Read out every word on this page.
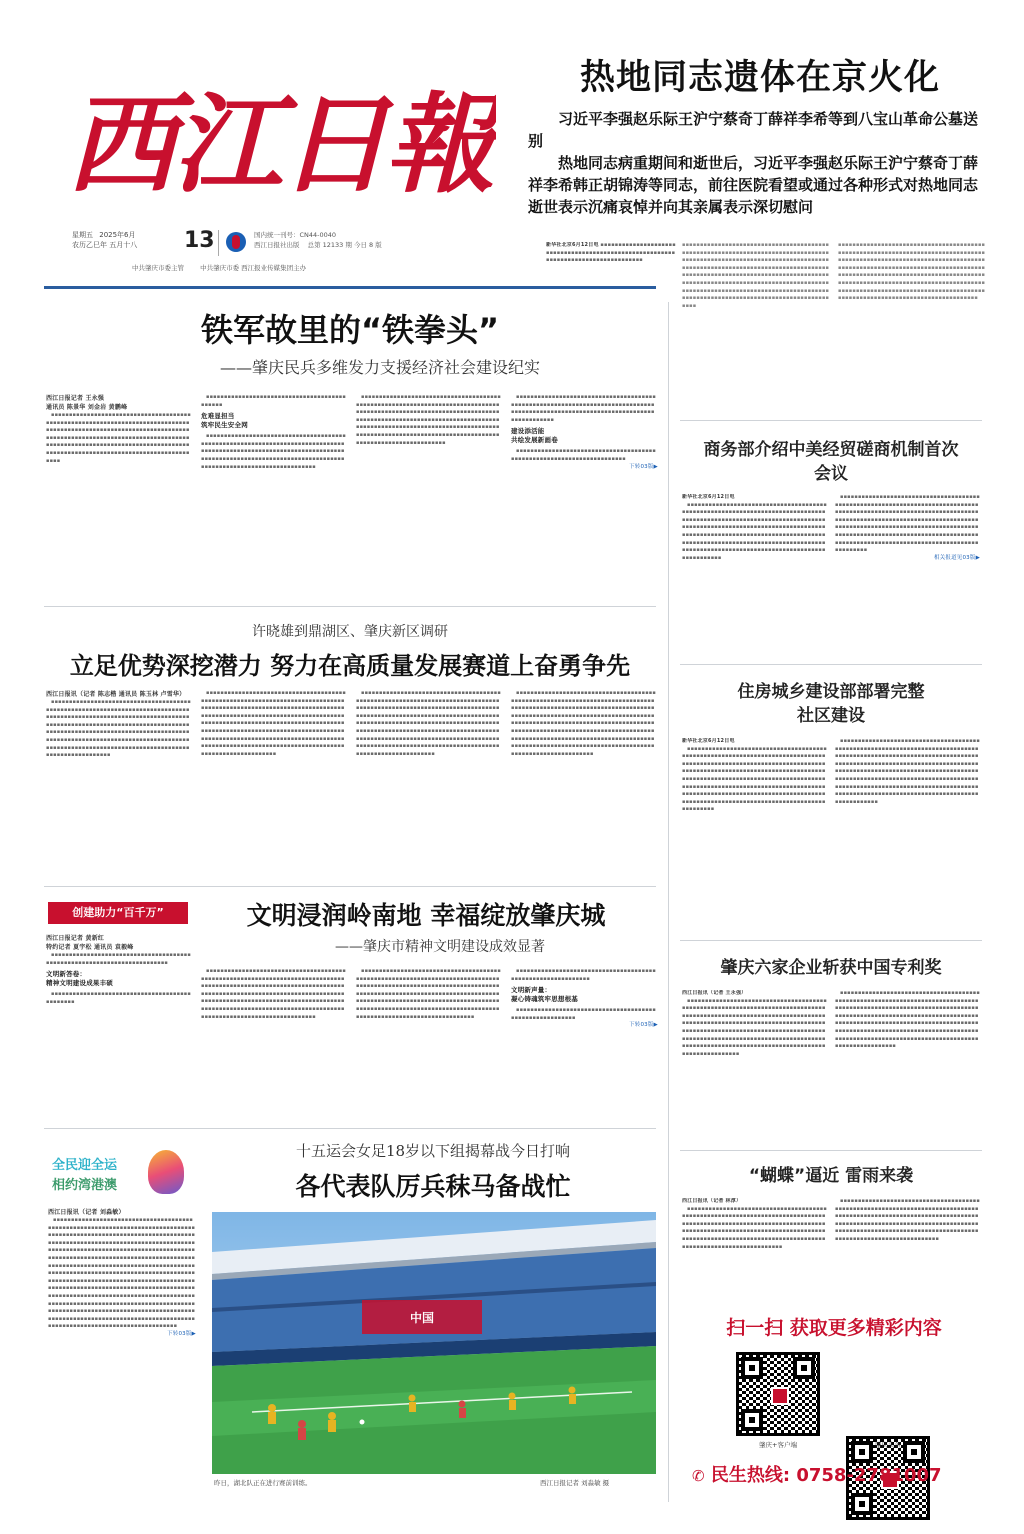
西江日報
星期五 2025年6月
农历乙巳年 五月十八 13	国内统一刊号：CN44-0040
西江日报社出版 总第 12133 期 今日 8 版
中共肇庆市委主管 中共肇庆市委 西江报业传媒集团主办
热地同志遗体在京火化
习近平李强赵乐际王沪宁蔡奇丁薛祥李希等到八宝山革命公墓送别
热地同志病重期间和逝世后，习近平李强赵乐际王沪宁蔡奇丁薛祥李希韩正胡锦涛等同志，前往医院看望或通过各种形式对热地同志逝世表示沉痛哀悼并向其亲属表示深切慰问
新华社北京6月12日电 ▪▪▪▪▪▪▪▪▪▪▪▪▪▪▪▪▪▪▪▪▪▪▪▪▪▪▪▪▪▪▪▪▪▪▪▪▪▪▪▪▪▪▪▪▪▪▪▪▪▪▪▪▪▪▪▪▪▪▪▪▪▪▪▪▪▪▪▪▪▪▪▪▪▪▪▪▪▪▪▪▪▪▪▪
▪▪▪▪▪▪▪▪▪▪▪▪▪▪▪▪▪▪▪▪▪▪▪▪▪▪▪▪▪▪▪▪▪▪▪▪▪▪▪▪▪▪▪▪▪▪▪▪▪▪▪▪▪▪▪▪▪▪▪▪▪▪▪▪▪▪▪▪▪▪▪▪▪▪▪▪▪▪▪▪▪▪▪▪▪▪▪▪▪▪▪▪▪▪▪▪▪▪▪▪▪▪▪▪▪▪▪▪▪▪▪▪▪▪▪▪▪▪▪▪▪▪▪▪▪▪▪▪▪▪▪▪▪▪▪▪▪▪▪▪▪▪▪▪▪▪▪▪▪▪▪▪▪▪▪▪▪▪▪▪▪▪▪▪▪▪▪▪▪▪▪▪▪▪▪▪▪▪▪▪▪▪▪▪▪▪▪▪▪▪▪▪▪▪▪▪▪▪▪▪▪▪▪▪▪▪▪▪▪▪▪▪▪▪▪▪▪▪▪▪▪▪▪▪▪▪▪▪▪▪▪▪▪▪▪▪▪▪▪▪▪▪▪▪▪▪▪▪▪▪▪▪▪▪▪▪▪▪▪▪▪▪▪▪▪▪▪▪▪▪▪▪▪▪▪▪▪▪▪▪▪▪▪▪▪▪▪▪▪▪▪▪▪▪▪▪▪▪▪▪▪▪▪▪▪▪▪▪▪▪▪▪▪▪▪▪▪▪▪▪▪▪▪▪▪▪▪▪▪▪▪▪
▪▪▪▪▪▪▪▪▪▪▪▪▪▪▪▪▪▪▪▪▪▪▪▪▪▪▪▪▪▪▪▪▪▪▪▪▪▪▪▪▪▪▪▪▪▪▪▪▪▪▪▪▪▪▪▪▪▪▪▪▪▪▪▪▪▪▪▪▪▪▪▪▪▪▪▪▪▪▪▪▪▪▪▪▪▪▪▪▪▪▪▪▪▪▪▪▪▪▪▪▪▪▪▪▪▪▪▪▪▪▪▪▪▪▪▪▪▪▪▪▪▪▪▪▪▪▪▪▪▪▪▪▪▪▪▪▪▪▪▪▪▪▪▪▪▪▪▪▪▪▪▪▪▪▪▪▪▪▪▪▪▪▪▪▪▪▪▪▪▪▪▪▪▪▪▪▪▪▪▪▪▪▪▪▪▪▪▪▪▪▪▪▪▪▪▪▪▪▪▪▪▪▪▪▪▪▪▪▪▪▪▪▪▪▪▪▪▪▪▪▪▪▪▪▪▪▪▪▪▪▪▪▪▪▪▪▪▪▪▪▪▪▪▪▪▪▪▪▪▪▪▪▪▪▪▪▪▪▪▪▪▪▪▪▪▪▪▪▪▪▪▪▪▪▪▪▪▪▪▪▪▪▪▪▪▪▪▪▪▪▪▪▪▪▪▪▪▪▪▪▪▪▪▪▪▪▪▪▪▪▪▪▪▪▪▪▪▪▪▪▪▪▪▪▪▪
铁军故里的“铁拳头”
——肇庆民兵多维发力支援经济社会建设纪实
西江日报记者 王永强
通讯员 陈景华 刘金岩 黄鹏峰

▪▪▪▪▪▪▪▪▪▪▪▪▪▪▪▪▪▪▪▪▪▪▪▪▪▪▪▪▪▪▪▪▪▪▪▪▪▪▪▪▪▪▪▪▪▪▪▪▪▪▪▪▪▪▪▪▪▪▪▪▪▪▪▪▪▪▪▪▪▪▪▪▪▪▪▪▪▪▪▪▪▪▪▪▪▪▪▪▪▪▪▪▪▪▪▪▪▪▪▪▪▪▪▪▪▪▪▪▪▪▪▪▪▪▪▪▪▪▪▪▪▪▪▪▪▪▪▪▪▪▪▪▪▪▪▪▪▪▪▪▪▪▪▪▪▪▪▪▪▪▪▪▪▪▪▪▪▪▪▪▪▪▪▪▪▪▪▪▪▪▪▪▪▪▪▪▪▪▪▪▪▪▪▪▪▪▪▪▪▪▪▪▪▪▪▪▪▪▪▪▪▪▪▪▪▪▪▪▪▪▪▪▪▪▪▪▪▪▪▪▪▪▪▪▪▪▪▪▪▪▪▪▪▪▪▪▪▪▪▪▪▪▪

▪▪▪▪▪▪▪▪▪▪▪▪▪▪▪▪▪▪▪▪▪▪▪▪▪▪▪▪▪▪▪▪▪▪▪▪▪▪▪▪▪▪▪▪▪

危难显担当
筑牢民生安全网

▪▪▪▪▪▪▪▪▪▪▪▪▪▪▪▪▪▪▪▪▪▪▪▪▪▪▪▪▪▪▪▪▪▪▪▪▪▪▪▪▪▪▪▪▪▪▪▪▪▪▪▪▪▪▪▪▪▪▪▪▪▪▪▪▪▪▪▪▪▪▪▪▪▪▪▪▪▪▪▪▪▪▪▪▪▪▪▪▪▪▪▪▪▪▪▪▪▪▪▪▪▪▪▪▪▪▪▪▪▪▪▪▪▪▪▪▪▪▪▪▪▪▪▪▪▪▪▪▪▪▪▪▪▪▪▪▪▪▪▪▪▪▪▪▪▪▪▪▪▪▪▪▪▪▪▪▪▪▪▪▪▪▪▪▪▪▪▪▪▪▪▪▪▪▪▪▪▪▪▪▪▪▪▪▪▪▪▪▪▪▪

▪▪▪▪▪▪▪▪▪▪▪▪▪▪▪▪▪▪▪▪▪▪▪▪▪▪▪▪▪▪▪▪▪▪▪▪▪▪▪▪▪▪▪▪▪▪▪▪▪▪▪▪▪▪▪▪▪▪▪▪▪▪▪▪▪▪▪▪▪▪▪▪▪▪▪▪▪▪▪▪▪▪▪▪▪▪▪▪▪▪▪▪▪▪▪▪▪▪▪▪▪▪▪▪▪▪▪▪▪▪▪▪▪▪▪▪▪▪▪▪▪▪▪▪▪▪▪▪▪▪▪▪▪▪▪▪▪▪▪▪▪▪▪▪▪▪▪▪▪▪▪▪▪▪▪▪▪▪▪▪▪▪▪▪▪▪▪▪▪▪▪▪▪▪▪▪▪▪▪▪▪▪▪▪▪▪▪▪▪▪▪▪▪▪▪▪▪▪▪▪▪▪▪▪▪▪▪▪▪▪▪▪▪▪▪▪▪▪▪▪▪▪▪▪▪▪▪▪▪▪▪▪▪▪▪▪▪▪▪▪▪▪▪▪▪▪▪▪▪▪▪▪▪▪▪▪▪▪▪▪▪▪▪▪

▪▪▪▪▪▪▪▪▪▪▪▪▪▪▪▪▪▪▪▪▪▪▪▪▪▪▪▪▪▪▪▪▪▪▪▪▪▪▪▪▪▪▪▪▪▪▪▪▪▪▪▪▪▪▪▪▪▪▪▪▪▪▪▪▪▪▪▪▪▪▪▪▪▪▪▪▪▪▪▪▪▪▪▪▪▪▪▪▪▪▪▪▪▪▪▪▪▪▪▪▪▪▪▪▪▪▪▪▪▪▪▪▪▪▪▪▪▪▪▪▪▪▪▪▪▪▪▪▪▪▪

建设添活能
共绘发展新画卷

▪▪▪▪▪▪▪▪▪▪▪▪▪▪▪▪▪▪▪▪▪▪▪▪▪▪▪▪▪▪▪▪▪▪▪▪▪▪▪▪▪▪▪▪▪▪▪▪▪▪▪▪▪▪▪▪▪▪▪▪▪▪▪▪▪▪▪▪▪▪▪

下转03版▶
许晓雄到鼎湖区、肇庆新区调研
立足优势深挖潜力 努力在高质量发展赛道上奋勇争先
西江日报讯（记者 陈志楷 通讯员 陈玉林 卢雪华）

▪▪▪▪▪▪▪▪▪▪▪▪▪▪▪▪▪▪▪▪▪▪▪▪▪▪▪▪▪▪▪▪▪▪▪▪▪▪▪▪▪▪▪▪▪▪▪▪▪▪▪▪▪▪▪▪▪▪▪▪▪▪▪▪▪▪▪▪▪▪▪▪▪▪▪▪▪▪▪▪▪▪▪▪▪▪▪▪▪▪▪▪▪▪▪▪▪▪▪▪▪▪▪▪▪▪▪▪▪▪▪▪▪▪▪▪▪▪▪▪▪▪▪▪▪▪▪▪▪▪▪▪▪▪▪▪▪▪▪▪▪▪▪▪▪▪▪▪▪▪▪▪▪▪▪▪▪▪▪▪▪▪▪▪▪▪▪▪▪▪▪▪▪▪▪▪▪▪▪▪▪▪▪▪▪▪▪▪▪▪▪▪▪▪▪▪▪▪▪▪▪▪▪▪▪▪▪▪▪▪▪▪▪▪▪▪▪▪▪▪▪▪▪▪▪▪▪▪▪▪▪▪▪▪▪▪▪▪▪▪▪▪▪▪▪▪▪▪▪▪▪▪▪▪▪▪▪▪▪▪▪▪▪▪▪▪▪▪▪▪▪▪▪▪▪▪▪▪▪▪▪▪▪▪▪▪▪▪▪▪▪▪▪▪▪▪▪

▪▪▪▪▪▪▪▪▪▪▪▪▪▪▪▪▪▪▪▪▪▪▪▪▪▪▪▪▪▪▪▪▪▪▪▪▪▪▪▪▪▪▪▪▪▪▪▪▪▪▪▪▪▪▪▪▪▪▪▪▪▪▪▪▪▪▪▪▪▪▪▪▪▪▪▪▪▪▪▪▪▪▪▪▪▪▪▪▪▪▪▪▪▪▪▪▪▪▪▪▪▪▪▪▪▪▪▪▪▪▪▪▪▪▪▪▪▪▪▪▪▪▪▪▪▪▪▪▪▪▪▪▪▪▪▪▪▪▪▪▪▪▪▪▪▪▪▪▪▪▪▪▪▪▪▪▪▪▪▪▪▪▪▪▪▪▪▪▪▪▪▪▪▪▪▪▪▪▪▪▪▪▪▪▪▪▪▪▪▪▪▪▪▪▪▪▪▪▪▪▪▪▪▪▪▪▪▪▪▪▪▪▪▪▪▪▪▪▪▪▪▪▪▪▪▪▪▪▪▪▪▪▪▪▪▪▪▪▪▪▪▪▪▪▪▪▪▪▪▪▪▪▪▪▪▪▪▪▪▪▪▪▪▪▪▪▪▪▪▪▪▪▪▪▪▪▪▪▪▪▪▪▪▪▪▪▪▪▪▪▪▪▪▪▪▪▪▪▪▪▪▪▪▪▪▪▪▪▪▪▪▪▪▪▪▪▪▪▪▪▪▪▪▪▪▪▪▪▪▪▪▪▪▪▪▪▪▪▪▪

▪▪▪▪▪▪▪▪▪▪▪▪▪▪▪▪▪▪▪▪▪▪▪▪▪▪▪▪▪▪▪▪▪▪▪▪▪▪▪▪▪▪▪▪▪▪▪▪▪▪▪▪▪▪▪▪▪▪▪▪▪▪▪▪▪▪▪▪▪▪▪▪▪▪▪▪▪▪▪▪▪▪▪▪▪▪▪▪▪▪▪▪▪▪▪▪▪▪▪▪▪▪▪▪▪▪▪▪▪▪▪▪▪▪▪▪▪▪▪▪▪▪▪▪▪▪▪▪▪▪▪▪▪▪▪▪▪▪▪▪▪▪▪▪▪▪▪▪▪▪▪▪▪▪▪▪▪▪▪▪▪▪▪▪▪▪▪▪▪▪▪▪▪▪▪▪▪▪▪▪▪▪▪▪▪▪▪▪▪▪▪▪▪▪▪▪▪▪▪▪▪▪▪▪▪▪▪▪▪▪▪▪▪▪▪▪▪▪▪▪▪▪▪▪▪▪▪▪▪▪▪▪▪▪▪▪▪▪▪▪▪▪▪▪▪▪▪▪▪▪▪▪▪▪▪▪▪▪▪▪▪▪▪▪▪▪▪▪▪▪▪▪▪▪▪▪▪▪▪▪▪▪▪▪▪▪▪▪▪▪▪▪▪▪▪▪▪▪▪▪▪▪▪▪▪▪▪▪▪▪▪▪▪▪▪▪▪▪▪▪▪▪▪▪▪▪▪▪▪▪▪▪▪▪▪▪▪▪▪▪▪

▪▪▪▪▪▪▪▪▪▪▪▪▪▪▪▪▪▪▪▪▪▪▪▪▪▪▪▪▪▪▪▪▪▪▪▪▪▪▪▪▪▪▪▪▪▪▪▪▪▪▪▪▪▪▪▪▪▪▪▪▪▪▪▪▪▪▪▪▪▪▪▪▪▪▪▪▪▪▪▪▪▪▪▪▪▪▪▪▪▪▪▪▪▪▪▪▪▪▪▪▪▪▪▪▪▪▪▪▪▪▪▪▪▪▪▪▪▪▪▪▪▪▪▪▪▪▪▪▪▪▪▪▪▪▪▪▪▪▪▪▪▪▪▪▪▪▪▪▪▪▪▪▪▪▪▪▪▪▪▪▪▪▪▪▪▪▪▪▪▪▪▪▪▪▪▪▪▪▪▪▪▪▪▪▪▪▪▪▪▪▪▪▪▪▪▪▪▪▪▪▪▪▪▪▪▪▪▪▪▪▪▪▪▪▪▪▪▪▪▪▪▪▪▪▪▪▪▪▪▪▪▪▪▪▪▪▪▪▪▪▪▪▪▪▪▪▪▪▪▪▪▪▪▪▪▪▪▪▪▪▪▪▪▪▪▪▪▪▪▪▪▪▪▪▪▪▪▪▪▪▪▪▪▪▪▪▪▪▪▪▪▪▪▪▪▪▪▪▪▪▪▪▪▪▪▪▪▪▪▪▪▪▪▪▪▪▪▪▪▪▪▪▪▪▪▪▪▪▪▪▪▪▪▪▪▪▪▪▪▪▪▪

创建助力“百千万”	文明浸润岭南地 幸福绽放肇庆城
——肇庆市精神文明建设成效显著
西江日报记者 黄新红
特约记者 夏宇松 通讯员 袁毅峰

▪▪▪▪▪▪▪▪▪▪▪▪▪▪▪▪▪▪▪▪▪▪▪▪▪▪▪▪▪▪▪▪▪▪▪▪▪▪▪▪▪▪▪▪▪▪▪▪▪▪▪▪▪▪▪▪▪▪▪▪▪▪▪▪▪▪▪▪▪▪▪▪▪

文明新答卷：
精神文明建设成果丰硕

▪▪▪▪▪▪▪▪▪▪▪▪▪▪▪▪▪▪▪▪▪▪▪▪▪▪▪▪▪▪▪▪▪▪▪▪▪▪▪▪▪▪▪▪▪▪▪

▪▪▪▪▪▪▪▪▪▪▪▪▪▪▪▪▪▪▪▪▪▪▪▪▪▪▪▪▪▪▪▪▪▪▪▪▪▪▪▪▪▪▪▪▪▪▪▪▪▪▪▪▪▪▪▪▪▪▪▪▪▪▪▪▪▪▪▪▪▪▪▪▪▪▪▪▪▪▪▪▪▪▪▪▪▪▪▪▪▪▪▪▪▪▪▪▪▪▪▪▪▪▪▪▪▪▪▪▪▪▪▪▪▪▪▪▪▪▪▪▪▪▪▪▪▪▪▪▪▪▪▪▪▪▪▪▪▪▪▪▪▪▪▪▪▪▪▪▪▪▪▪▪▪▪▪▪▪▪▪▪▪▪▪▪▪▪▪▪▪▪▪▪▪▪▪▪▪▪▪▪▪▪▪▪▪▪▪▪▪▪▪▪▪▪▪▪▪▪▪▪▪▪▪▪▪▪▪▪▪▪▪▪▪▪▪▪▪▪▪▪▪▪▪▪▪▪▪▪▪▪▪▪▪▪▪▪▪▪▪▪▪▪▪▪▪▪▪▪▪▪▪▪▪▪▪▪▪▪▪▪▪▪▪▪▪▪▪▪▪▪

▪▪▪▪▪▪▪▪▪▪▪▪▪▪▪▪▪▪▪▪▪▪▪▪▪▪▪▪▪▪▪▪▪▪▪▪▪▪▪▪▪▪▪▪▪▪▪▪▪▪▪▪▪▪▪▪▪▪▪▪▪▪▪▪▪▪▪▪▪▪▪▪▪▪▪▪▪▪▪▪▪▪▪▪▪▪▪▪▪▪▪▪▪▪▪▪▪▪▪▪▪▪▪▪▪▪▪▪▪▪▪▪▪▪▪▪▪▪▪▪▪▪▪▪▪▪▪▪▪▪▪▪▪▪▪▪▪▪▪▪▪▪▪▪▪▪▪▪▪▪▪▪▪▪▪▪▪▪▪▪▪▪▪▪▪▪▪▪▪▪▪▪▪▪▪▪▪▪▪▪▪▪▪▪▪▪▪▪▪▪▪▪▪▪▪▪▪▪▪▪▪▪▪▪▪▪▪▪▪▪▪▪▪▪▪▪▪▪▪▪▪▪▪▪▪▪▪▪▪▪▪▪▪▪▪▪▪▪▪▪▪▪▪▪▪▪▪▪▪▪▪▪▪▪▪▪▪▪▪▪▪▪▪▪▪▪▪▪▪▪▪▪

▪▪▪▪▪▪▪▪▪▪▪▪▪▪▪▪▪▪▪▪▪▪▪▪▪▪▪▪▪▪▪▪▪▪▪▪▪▪▪▪▪▪▪▪▪▪▪▪▪▪▪▪▪▪▪▪▪▪▪▪▪

文明新声量：
凝心铸魂筑牢思想根基

▪▪▪▪▪▪▪▪▪▪▪▪▪▪▪▪▪▪▪▪▪▪▪▪▪▪▪▪▪▪▪▪▪▪▪▪▪▪▪▪▪▪▪▪▪▪▪▪▪▪▪▪▪▪▪▪▪

下转03版▶
全民迎全运
相约湾港澳
十五运会女足18岁以下组揭幕战今日打响
各代表队厉兵秣马备战忙
西江日报讯（记者 刘淼敏）

▪▪▪▪▪▪▪▪▪▪▪▪▪▪▪▪▪▪▪▪▪▪▪▪▪▪▪▪▪▪▪▪▪▪▪▪▪▪▪▪▪▪▪▪▪▪▪▪▪▪▪▪▪▪▪▪▪▪▪▪▪▪▪▪▪▪▪▪▪▪▪▪▪▪▪▪▪▪▪▪▪▪▪▪▪▪▪▪▪▪▪▪▪▪▪▪▪▪▪▪▪▪▪▪▪▪▪▪▪▪▪▪▪▪▪▪▪▪▪▪▪▪▪▪▪▪▪▪▪▪▪▪▪▪▪▪▪▪▪▪▪▪▪▪▪▪▪▪▪▪▪▪▪▪▪▪▪▪▪▪▪▪▪▪▪▪▪▪▪▪▪▪▪▪▪▪▪▪▪▪▪▪▪▪▪▪▪▪▪▪▪▪▪▪▪▪▪▪▪▪▪▪▪▪▪▪▪▪▪▪▪▪▪▪▪▪▪▪▪▪▪▪▪▪▪▪▪▪▪▪▪▪▪▪▪▪▪▪▪▪▪▪▪▪▪▪▪▪▪▪▪▪▪▪▪▪▪▪▪▪▪▪▪▪▪▪▪▪▪▪▪▪▪▪▪▪▪▪▪▪▪▪▪▪▪▪▪▪▪▪▪▪▪▪▪▪▪▪▪▪▪▪▪▪▪▪▪▪▪▪▪▪▪▪▪▪▪▪▪▪▪▪▪▪▪▪▪▪▪▪▪▪▪▪▪▪▪▪▪▪▪▪▪▪▪▪▪▪▪▪▪▪▪▪▪▪▪▪▪▪▪▪▪▪▪▪▪▪▪▪▪▪▪▪▪▪▪▪▪▪▪▪▪▪▪▪▪▪▪▪▪▪▪▪▪▪▪▪▪▪▪▪▪▪▪▪▪▪▪▪▪▪▪▪▪▪▪▪▪▪▪▪▪▪▪▪▪▪▪▪▪▪▪▪▪▪▪▪▪▪▪▪▪▪▪▪▪▪▪▪▪▪▪▪▪▪▪▪▪▪▪▪▪▪▪▪▪▪▪▪▪▪▪▪▪▪▪▪▪▪▪▪▪▪▪▪▪▪▪▪▪▪▪▪▪▪▪▪▪▪▪▪▪▪▪▪▪▪▪▪▪▪▪▪▪▪▪▪▪▪▪▪▪▪▪▪▪▪▪▪▪▪▪▪▪▪▪▪▪▪▪▪▪▪▪▪▪▪▪▪▪▪▪▪▪▪▪▪▪▪▪▪▪▪▪▪▪▪▪▪▪▪▪▪▪▪▪▪▪▪▪▪▪▪▪▪▪▪▪▪▪▪▪▪▪▪▪▪▪▪▪▪▪▪▪▪▪▪

下转03版▶
中国
昨日，湖北队正在进行赛前训练。	西江日报记者 刘淼敏 摄
商务部介绍中美经贸磋商机制首次会议
新华社北京6月12日电

▪▪▪▪▪▪▪▪▪▪▪▪▪▪▪▪▪▪▪▪▪▪▪▪▪▪▪▪▪▪▪▪▪▪▪▪▪▪▪▪▪▪▪▪▪▪▪▪▪▪▪▪▪▪▪▪▪▪▪▪▪▪▪▪▪▪▪▪▪▪▪▪▪▪▪▪▪▪▪▪▪▪▪▪▪▪▪▪▪▪▪▪▪▪▪▪▪▪▪▪▪▪▪▪▪▪▪▪▪▪▪▪▪▪▪▪▪▪▪▪▪▪▪▪▪▪▪▪▪▪▪▪▪▪▪▪▪▪▪▪▪▪▪▪▪▪▪▪▪▪▪▪▪▪▪▪▪▪▪▪▪▪▪▪▪▪▪▪▪▪▪▪▪▪▪▪▪▪▪▪▪▪▪▪▪▪▪▪▪▪▪▪▪▪▪▪▪▪▪▪▪▪▪▪▪▪▪▪▪▪▪▪▪▪▪▪▪▪▪▪▪▪▪▪▪▪▪▪▪▪▪▪▪▪▪▪▪▪▪▪▪▪▪▪▪▪▪▪▪▪▪▪▪▪▪▪▪▪▪▪▪▪▪▪▪▪▪▪▪▪▪▪▪▪▪▪▪▪▪▪▪▪▪▪▪▪▪▪▪▪

▪▪▪▪▪▪▪▪▪▪▪▪▪▪▪▪▪▪▪▪▪▪▪▪▪▪▪▪▪▪▪▪▪▪▪▪▪▪▪▪▪▪▪▪▪▪▪▪▪▪▪▪▪▪▪▪▪▪▪▪▪▪▪▪▪▪▪▪▪▪▪▪▪▪▪▪▪▪▪▪▪▪▪▪▪▪▪▪▪▪▪▪▪▪▪▪▪▪▪▪▪▪▪▪▪▪▪▪▪▪▪▪▪▪▪▪▪▪▪▪▪▪▪▪▪▪▪▪▪▪▪▪▪▪▪▪▪▪▪▪▪▪▪▪▪▪▪▪▪▪▪▪▪▪▪▪▪▪▪▪▪▪▪▪▪▪▪▪▪▪▪▪▪▪▪▪▪▪▪▪▪▪▪▪▪▪▪▪▪▪▪▪▪▪▪▪▪▪▪▪▪▪▪▪▪▪▪▪▪▪▪▪▪▪▪▪▪▪▪▪▪▪▪▪▪▪▪▪▪▪▪▪▪▪▪▪▪▪▪▪▪▪▪▪▪▪▪▪▪▪▪▪▪▪▪▪▪▪▪▪▪▪▪▪▪▪▪▪▪▪▪▪▪▪▪▪▪▪▪▪▪▪▪▪▪▪▪▪

相关报道见03版▶
住房城乡建设部部署完整社区建设
新华社北京6月12日电

▪▪▪▪▪▪▪▪▪▪▪▪▪▪▪▪▪▪▪▪▪▪▪▪▪▪▪▪▪▪▪▪▪▪▪▪▪▪▪▪▪▪▪▪▪▪▪▪▪▪▪▪▪▪▪▪▪▪▪▪▪▪▪▪▪▪▪▪▪▪▪▪▪▪▪▪▪▪▪▪▪▪▪▪▪▪▪▪▪▪▪▪▪▪▪▪▪▪▪▪▪▪▪▪▪▪▪▪▪▪▪▪▪▪▪▪▪▪▪▪▪▪▪▪▪▪▪▪▪▪▪▪▪▪▪▪▪▪▪▪▪▪▪▪▪▪▪▪▪▪▪▪▪▪▪▪▪▪▪▪▪▪▪▪▪▪▪▪▪▪▪▪▪▪▪▪▪▪▪▪▪▪▪▪▪▪▪▪▪▪▪▪▪▪▪▪▪▪▪▪▪▪▪▪▪▪▪▪▪▪▪▪▪▪▪▪▪▪▪▪▪▪▪▪▪▪▪▪▪▪▪▪▪▪▪▪▪▪▪▪▪▪▪▪▪▪▪▪▪▪▪▪▪▪▪▪▪▪▪▪▪▪▪▪▪▪▪▪▪▪▪▪▪▪▪▪▪▪▪▪▪▪▪▪▪▪▪▪▪▪▪▪▪▪▪▪▪▪▪▪▪▪▪▪▪▪▪▪▪▪▪▪▪▪▪▪▪▪▪▪▪▪▪▪▪▪▪▪

▪▪▪▪▪▪▪▪▪▪▪▪▪▪▪▪▪▪▪▪▪▪▪▪▪▪▪▪▪▪▪▪▪▪▪▪▪▪▪▪▪▪▪▪▪▪▪▪▪▪▪▪▪▪▪▪▪▪▪▪▪▪▪▪▪▪▪▪▪▪▪▪▪▪▪▪▪▪▪▪▪▪▪▪▪▪▪▪▪▪▪▪▪▪▪▪▪▪▪▪▪▪▪▪▪▪▪▪▪▪▪▪▪▪▪▪▪▪▪▪▪▪▪▪▪▪▪▪▪▪▪▪▪▪▪▪▪▪▪▪▪▪▪▪▪▪▪▪▪▪▪▪▪▪▪▪▪▪▪▪▪▪▪▪▪▪▪▪▪▪▪▪▪▪▪▪▪▪▪▪▪▪▪▪▪▪▪▪▪▪▪▪▪▪▪▪▪▪▪▪▪▪▪▪▪▪▪▪▪▪▪▪▪▪▪▪▪▪▪▪▪▪▪▪▪▪▪▪▪▪▪▪▪▪▪▪▪▪▪▪▪▪▪▪▪▪▪▪▪▪▪▪▪▪▪▪▪▪▪▪▪▪▪▪▪▪▪▪▪▪▪▪▪▪▪▪▪▪▪▪▪▪▪▪▪▪▪▪▪▪▪▪▪▪▪▪▪▪▪▪▪▪▪▪▪▪▪▪▪▪▪▪▪▪▪▪▪▪▪▪▪▪▪▪▪▪▪▪▪▪▪

肇庆六家企业斩获中国专利奖
西江日报讯（记者 王永强）

▪▪▪▪▪▪▪▪▪▪▪▪▪▪▪▪▪▪▪▪▪▪▪▪▪▪▪▪▪▪▪▪▪▪▪▪▪▪▪▪▪▪▪▪▪▪▪▪▪▪▪▪▪▪▪▪▪▪▪▪▪▪▪▪▪▪▪▪▪▪▪▪▪▪▪▪▪▪▪▪▪▪▪▪▪▪▪▪▪▪▪▪▪▪▪▪▪▪▪▪▪▪▪▪▪▪▪▪▪▪▪▪▪▪▪▪▪▪▪▪▪▪▪▪▪▪▪▪▪▪▪▪▪▪▪▪▪▪▪▪▪▪▪▪▪▪▪▪▪▪▪▪▪▪▪▪▪▪▪▪▪▪▪▪▪▪▪▪▪▪▪▪▪▪▪▪▪▪▪▪▪▪▪▪▪▪▪▪▪▪▪▪▪▪▪▪▪▪▪▪▪▪▪▪▪▪▪▪▪▪▪▪▪▪▪▪▪▪▪▪▪▪▪▪▪▪▪▪▪▪▪▪▪▪▪▪▪▪▪▪▪▪▪▪▪▪▪▪▪▪▪▪▪▪▪▪▪▪▪▪▪▪▪▪▪▪▪▪▪▪▪▪▪▪▪▪▪▪▪▪▪▪▪▪▪▪▪▪▪▪▪▪▪▪▪

▪▪▪▪▪▪▪▪▪▪▪▪▪▪▪▪▪▪▪▪▪▪▪▪▪▪▪▪▪▪▪▪▪▪▪▪▪▪▪▪▪▪▪▪▪▪▪▪▪▪▪▪▪▪▪▪▪▪▪▪▪▪▪▪▪▪▪▪▪▪▪▪▪▪▪▪▪▪▪▪▪▪▪▪▪▪▪▪▪▪▪▪▪▪▪▪▪▪▪▪▪▪▪▪▪▪▪▪▪▪▪▪▪▪▪▪▪▪▪▪▪▪▪▪▪▪▪▪▪▪▪▪▪▪▪▪▪▪▪▪▪▪▪▪▪▪▪▪▪▪▪▪▪▪▪▪▪▪▪▪▪▪▪▪▪▪▪▪▪▪▪▪▪▪▪▪▪▪▪▪▪▪▪▪▪▪▪▪▪▪▪▪▪▪▪▪▪▪▪▪▪▪▪▪▪▪▪▪▪▪▪▪▪▪▪▪▪▪▪▪▪▪▪▪▪▪▪▪▪▪▪▪▪▪▪▪▪▪▪▪▪▪▪▪▪▪▪▪▪▪▪▪▪▪▪▪▪▪▪▪▪▪▪▪▪▪▪▪▪▪▪▪▪▪▪▪▪▪▪▪▪▪▪▪▪▪▪▪▪▪▪▪▪▪▪▪

“蝴蝶”逼近 雷雨来袭
西江日报讯（记者 林淳）

▪▪▪▪▪▪▪▪▪▪▪▪▪▪▪▪▪▪▪▪▪▪▪▪▪▪▪▪▪▪▪▪▪▪▪▪▪▪▪▪▪▪▪▪▪▪▪▪▪▪▪▪▪▪▪▪▪▪▪▪▪▪▪▪▪▪▪▪▪▪▪▪▪▪▪▪▪▪▪▪▪▪▪▪▪▪▪▪▪▪▪▪▪▪▪▪▪▪▪▪▪▪▪▪▪▪▪▪▪▪▪▪▪▪▪▪▪▪▪▪▪▪▪▪▪▪▪▪▪▪▪▪▪▪▪▪▪▪▪▪▪▪▪▪▪▪▪▪▪▪▪▪▪▪▪▪▪▪▪▪▪▪▪▪▪▪▪▪▪▪▪▪▪▪▪▪▪▪▪▪▪▪▪▪▪▪▪▪▪▪▪▪▪▪▪▪▪▪▪▪▪▪▪▪▪▪▪▪▪▪▪▪▪▪▪▪▪▪▪▪▪▪▪▪▪▪▪

▪▪▪▪▪▪▪▪▪▪▪▪▪▪▪▪▪▪▪▪▪▪▪▪▪▪▪▪▪▪▪▪▪▪▪▪▪▪▪▪▪▪▪▪▪▪▪▪▪▪▪▪▪▪▪▪▪▪▪▪▪▪▪▪▪▪▪▪▪▪▪▪▪▪▪▪▪▪▪▪▪▪▪▪▪▪▪▪▪▪▪▪▪▪▪▪▪▪▪▪▪▪▪▪▪▪▪▪▪▪▪▪▪▪▪▪▪▪▪▪▪▪▪▪▪▪▪▪▪▪▪▪▪▪▪▪▪▪▪▪▪▪▪▪▪▪▪▪▪▪▪▪▪▪▪▪▪▪▪▪▪▪▪▪▪▪▪▪▪▪▪▪▪▪▪▪▪▪▪▪▪▪▪▪▪▪▪▪▪▪▪▪▪▪▪▪▪▪▪▪▪▪▪▪▪▪▪▪▪▪▪▪▪▪▪▪▪▪▪▪▪▪▪▪▪▪▪▪

扫一扫 获取更多精彩内容
肇庆+客户端	肇庆头条
✆ 民生热线: 0758-2781007
